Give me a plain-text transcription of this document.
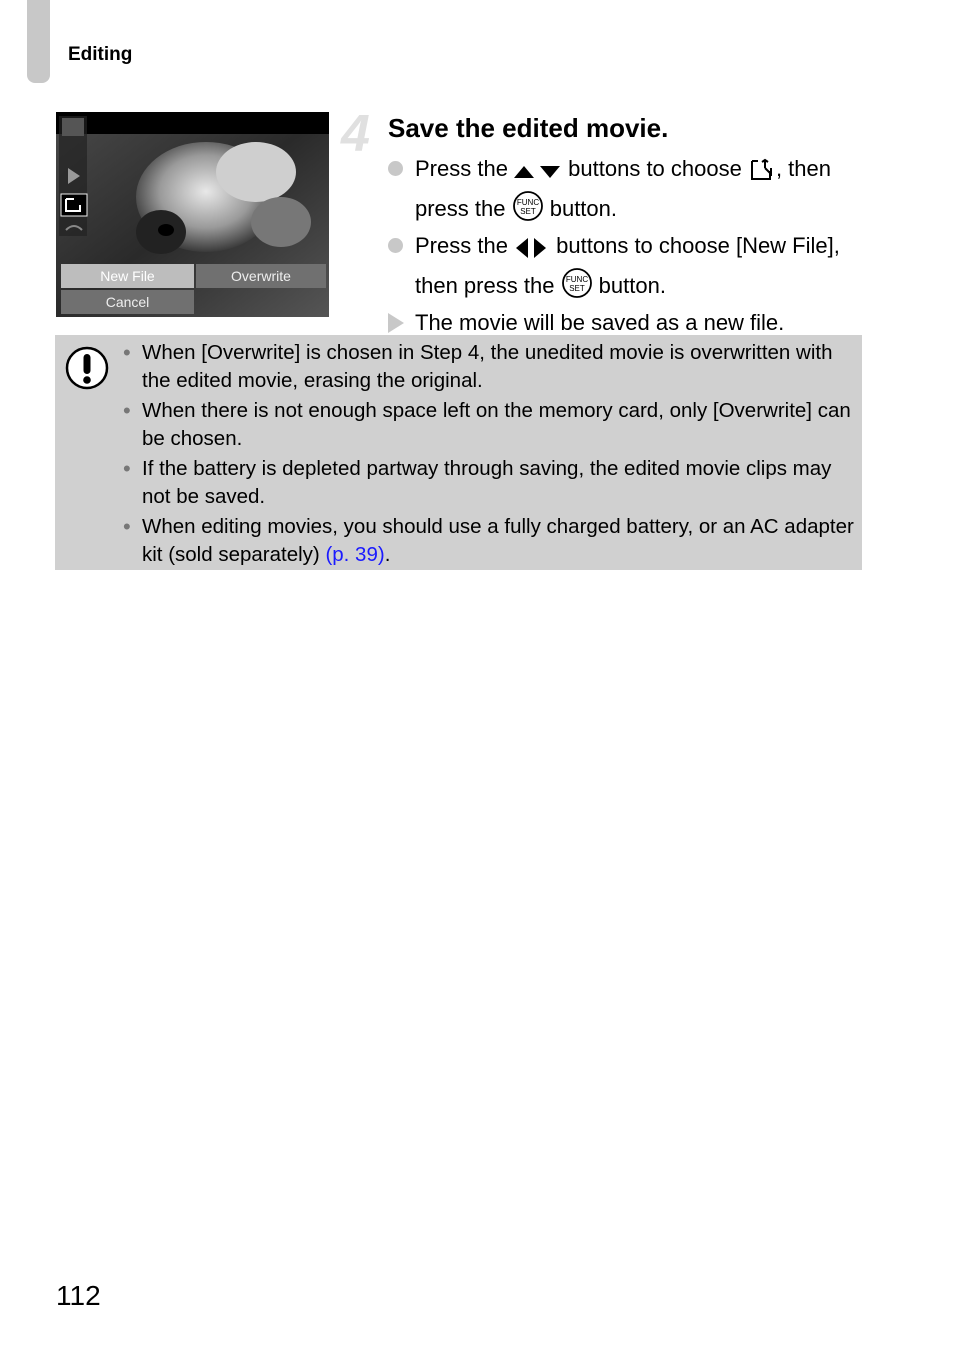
Editing
New File	Overwrite
Cancel
4 Save the edited movie.
Press the  buttons to choose , then press the FUNC
SET button.
Press the  buttons to choose [New File], then press the FUNC
SET button.
The movie will be saved as a new file.
• When [Overwrite] is chosen in Step 4, the unedited movie is overwritten with the edited movie, erasing the original.
• When there is not enough space left on the memory card, only [Overwrite] can be chosen.
• If the battery is depleted partway through saving, the edited movie clips may not be saved.
• When editing movies, you should use a fully charged battery, or an AC adapter kit (sold separately) (p. 39).
112
